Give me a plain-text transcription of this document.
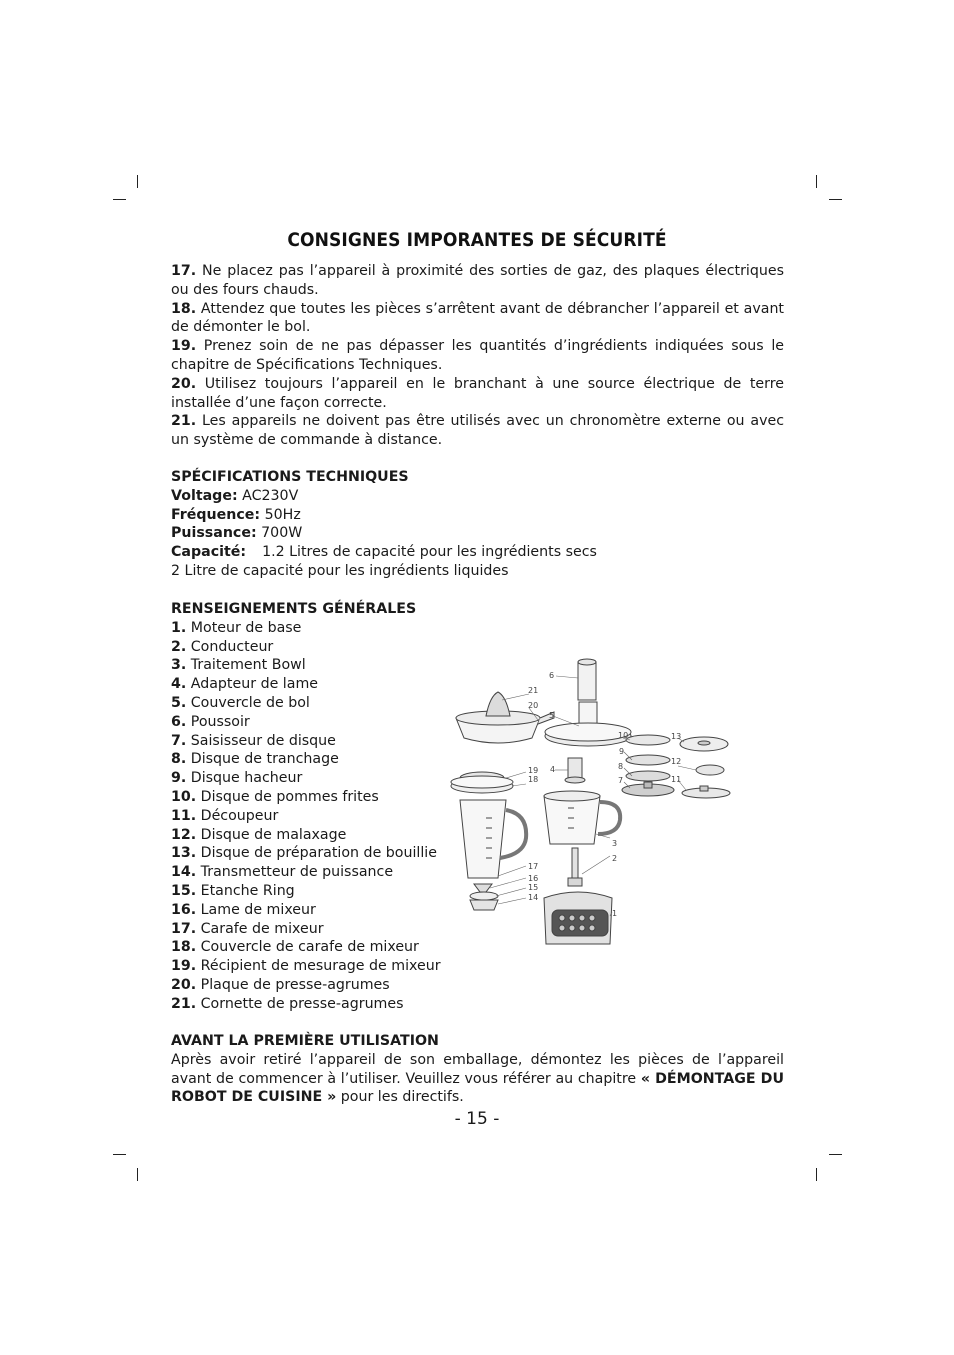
CONSIGNES IMPORANTES DE SÉCURITÉ

17. Ne placez pas l’appareil à proximité des sorties de gaz, des plaques électriques ou des fours chauds.

18. Attendez que toutes les pièces s’arrêtent avant de débrancher l’appareil et avant de démonter le bol.

19. Prenez soin de ne pas dépasser les quantités d’ingrédients indiquées sous le chapitre de Spécifications Techniques.

20. Utilisez toujours l’appareil en le branchant à une source électrique de terre installée d’une façon correcte.

21. Les appareils ne doivent pas être utilisés avec un chronomètre externe ou avec un système de commande à distance.

SPÉCIFICATIONS TECHNIQUES
Voltage: AC230V
Fréquence: 50Hz
Puissance: 700W
Capacité: 1.2 Litres de capacité pour les ingrédients secs
2 Litre de capacité pour les ingrédients liquides
RENSEIGNEMENTS GÉNÉRALES
1. Moteur de base
2. Conducteur
3. Traitement Bowl
4. Adapteur de lame
5. Couvercle de bol
6. Poussoir
7. Saisisseur de disque
8. Disque de tranchage
9. Disque hacheur
10. Disque de pommes frites
11. Découpeur
12. Disque de malaxage
13. Disque de préparation de bouillie
14. Transmetteur de puissance
15. Etanche Ring
16. Lame de mixeur
17. Carafe de mixeur
18. Couvercle de carafe de mixeur
19. Récipient de mesurage de mixeur
20. Plaque de presse-agrumes
21. Cornette de presse-agrumes
6
5
21
20
19
18
4
10
9
8
7
13
12
11
3
2
1
17
16
15
14
AVANT LA PREMIÈRE UTILISATION

Après avoir retiré l’appareil de son emballage, démontez les pièces de l’appareil avant de commencer à l’utiliser. Veuillez vous référer au chapitre « DÉMONTAGE DU ROBOT DE CUISINE » pour les directifs.

- 15 -
